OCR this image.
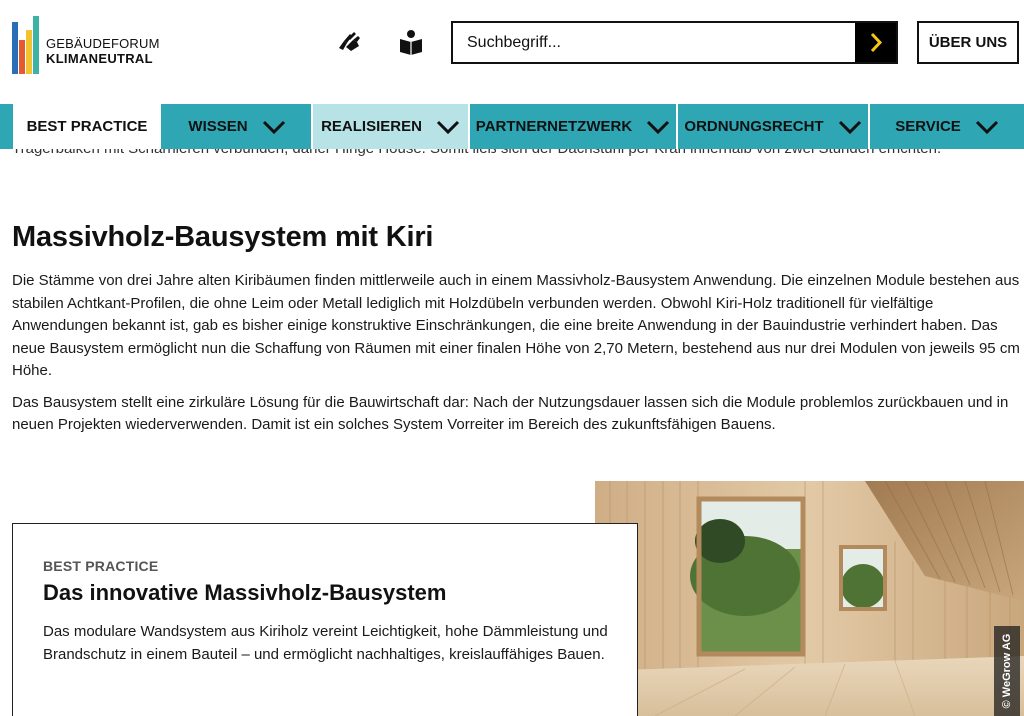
GEBÄUDEFORUM
KLIMANEUTRAL
Suchbegriff...
ÜBER UNS
BEST PRACTICE	WISSEN	REALISIEREN	PARTNERNETZWERK	ORDNUNGSRECHT	SERVICE
Massivholz-Bausystem mit Kiri

Die Stämme von drei Jahre alten Kiribäumen finden mittlerweile auch in einem Massivholz-Bausystem Anwendung. Die einzelnen Module bestehen aus stabilen Achtkant-Profilen, die ohne Leim oder Metall lediglich mit Holzdübeln verbunden werden. Obwohl Kiri-Holz traditionell für vielfältige Anwendungen bekannt ist, gab es bisher einige konstruktive Einschränkungen, die eine breite Anwendung in der Bauindustrie verhindert haben. Das neue Bausystem ermöglicht nun die Schaffung von Räumen mit einer finalen Höhe von 2,70 Metern, bestehend aus nur drei Modulen von jeweils 95 cm Höhe.

Das Bausystem stellt eine zirkuläre Lösung für die Bauwirtschaft dar: Nach der Nutzungsdauer lassen sich die Module problemlos zurückbauen und in neuen Projekten wiederverwenden. Damit ist ein solches System Vorreiter im Bereich des zukunftsfähigen Bauens.

© WeGrow AG
BEST PRACTICE
Das innovative Massivholz-Bausystem
Das modulare Wandsystem aus Kiriholz vereint Leichtigkeit, hohe Dämmleistung und Brandschutz in einem Bauteil – und ermöglicht nachhaltiges, kreislauffähiges Bauen.
